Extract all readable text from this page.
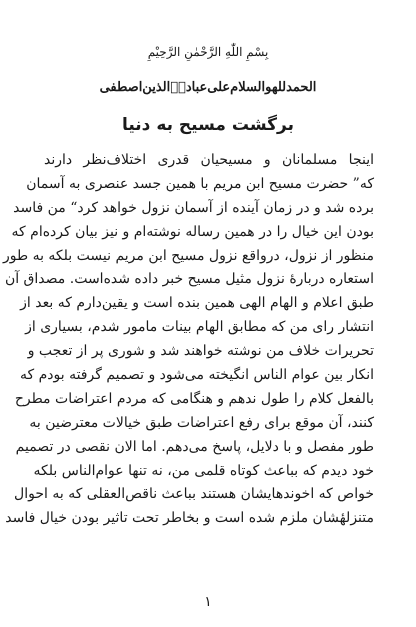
بِسْمِ اللّٰهِ الرَّحْمٰنِ الرَّحِيْمِ
الحمدللهوالسلام‌علی‌عبادهٖ‌الذین‌اصطفی
برگشت مسیح به دنیا
اینجا مسلمانان و مسیحیان قدری اختلاف‌نظر دارند
که” حضرت مسیح ابن مریم با همین جسد عنصری به آسمان
برده شد و در زمان آینده از آسمان نزول خواهد کرد“ من فاسد
بودن این خیال را در همین رساله نوشته‌ام و نیز بیان کرده‌ام که
منظور از نزول، درواقع نزول مسیح ابن مریم نیست بلکه به طور
استعاره دربارهٔ نزول مثیل مسیح خبر داده شده‌است. مصداق آن
طبق اعلام و الهام الهی همین بنده است و یقین‌دارم که بعد از
انتشار رای من که مطابق الهام بینات مامور شدم، بسیاری از
تحریرات خلاف من نوشته خواهند شد و شوری پر از تعجب و
انکار بین عوام الناس انگیخته می‌شود و تصمیم گرفته بودم که
بالفعل کلام را طول ندهم و هنگامی که مردم اعتراضات مطرح
کنند، آن موقع برای رفع اعتراضات طبق خیالات معترضین به
طور مفصل و با دلایل، پاسخ می‌دهم. اما الان نقصی در تصمیم
خود دیدم که بباعث کوتاه قلمی من، نه تنها عوام‌الناس بلکه
خواص که اخوندهایشان هستند بباعث ناقص‌العقلی که به احوال
متنزلهٔشان ملزم شده است و بخاطر تحت تاثیر بودن خیال فاسد
۱
